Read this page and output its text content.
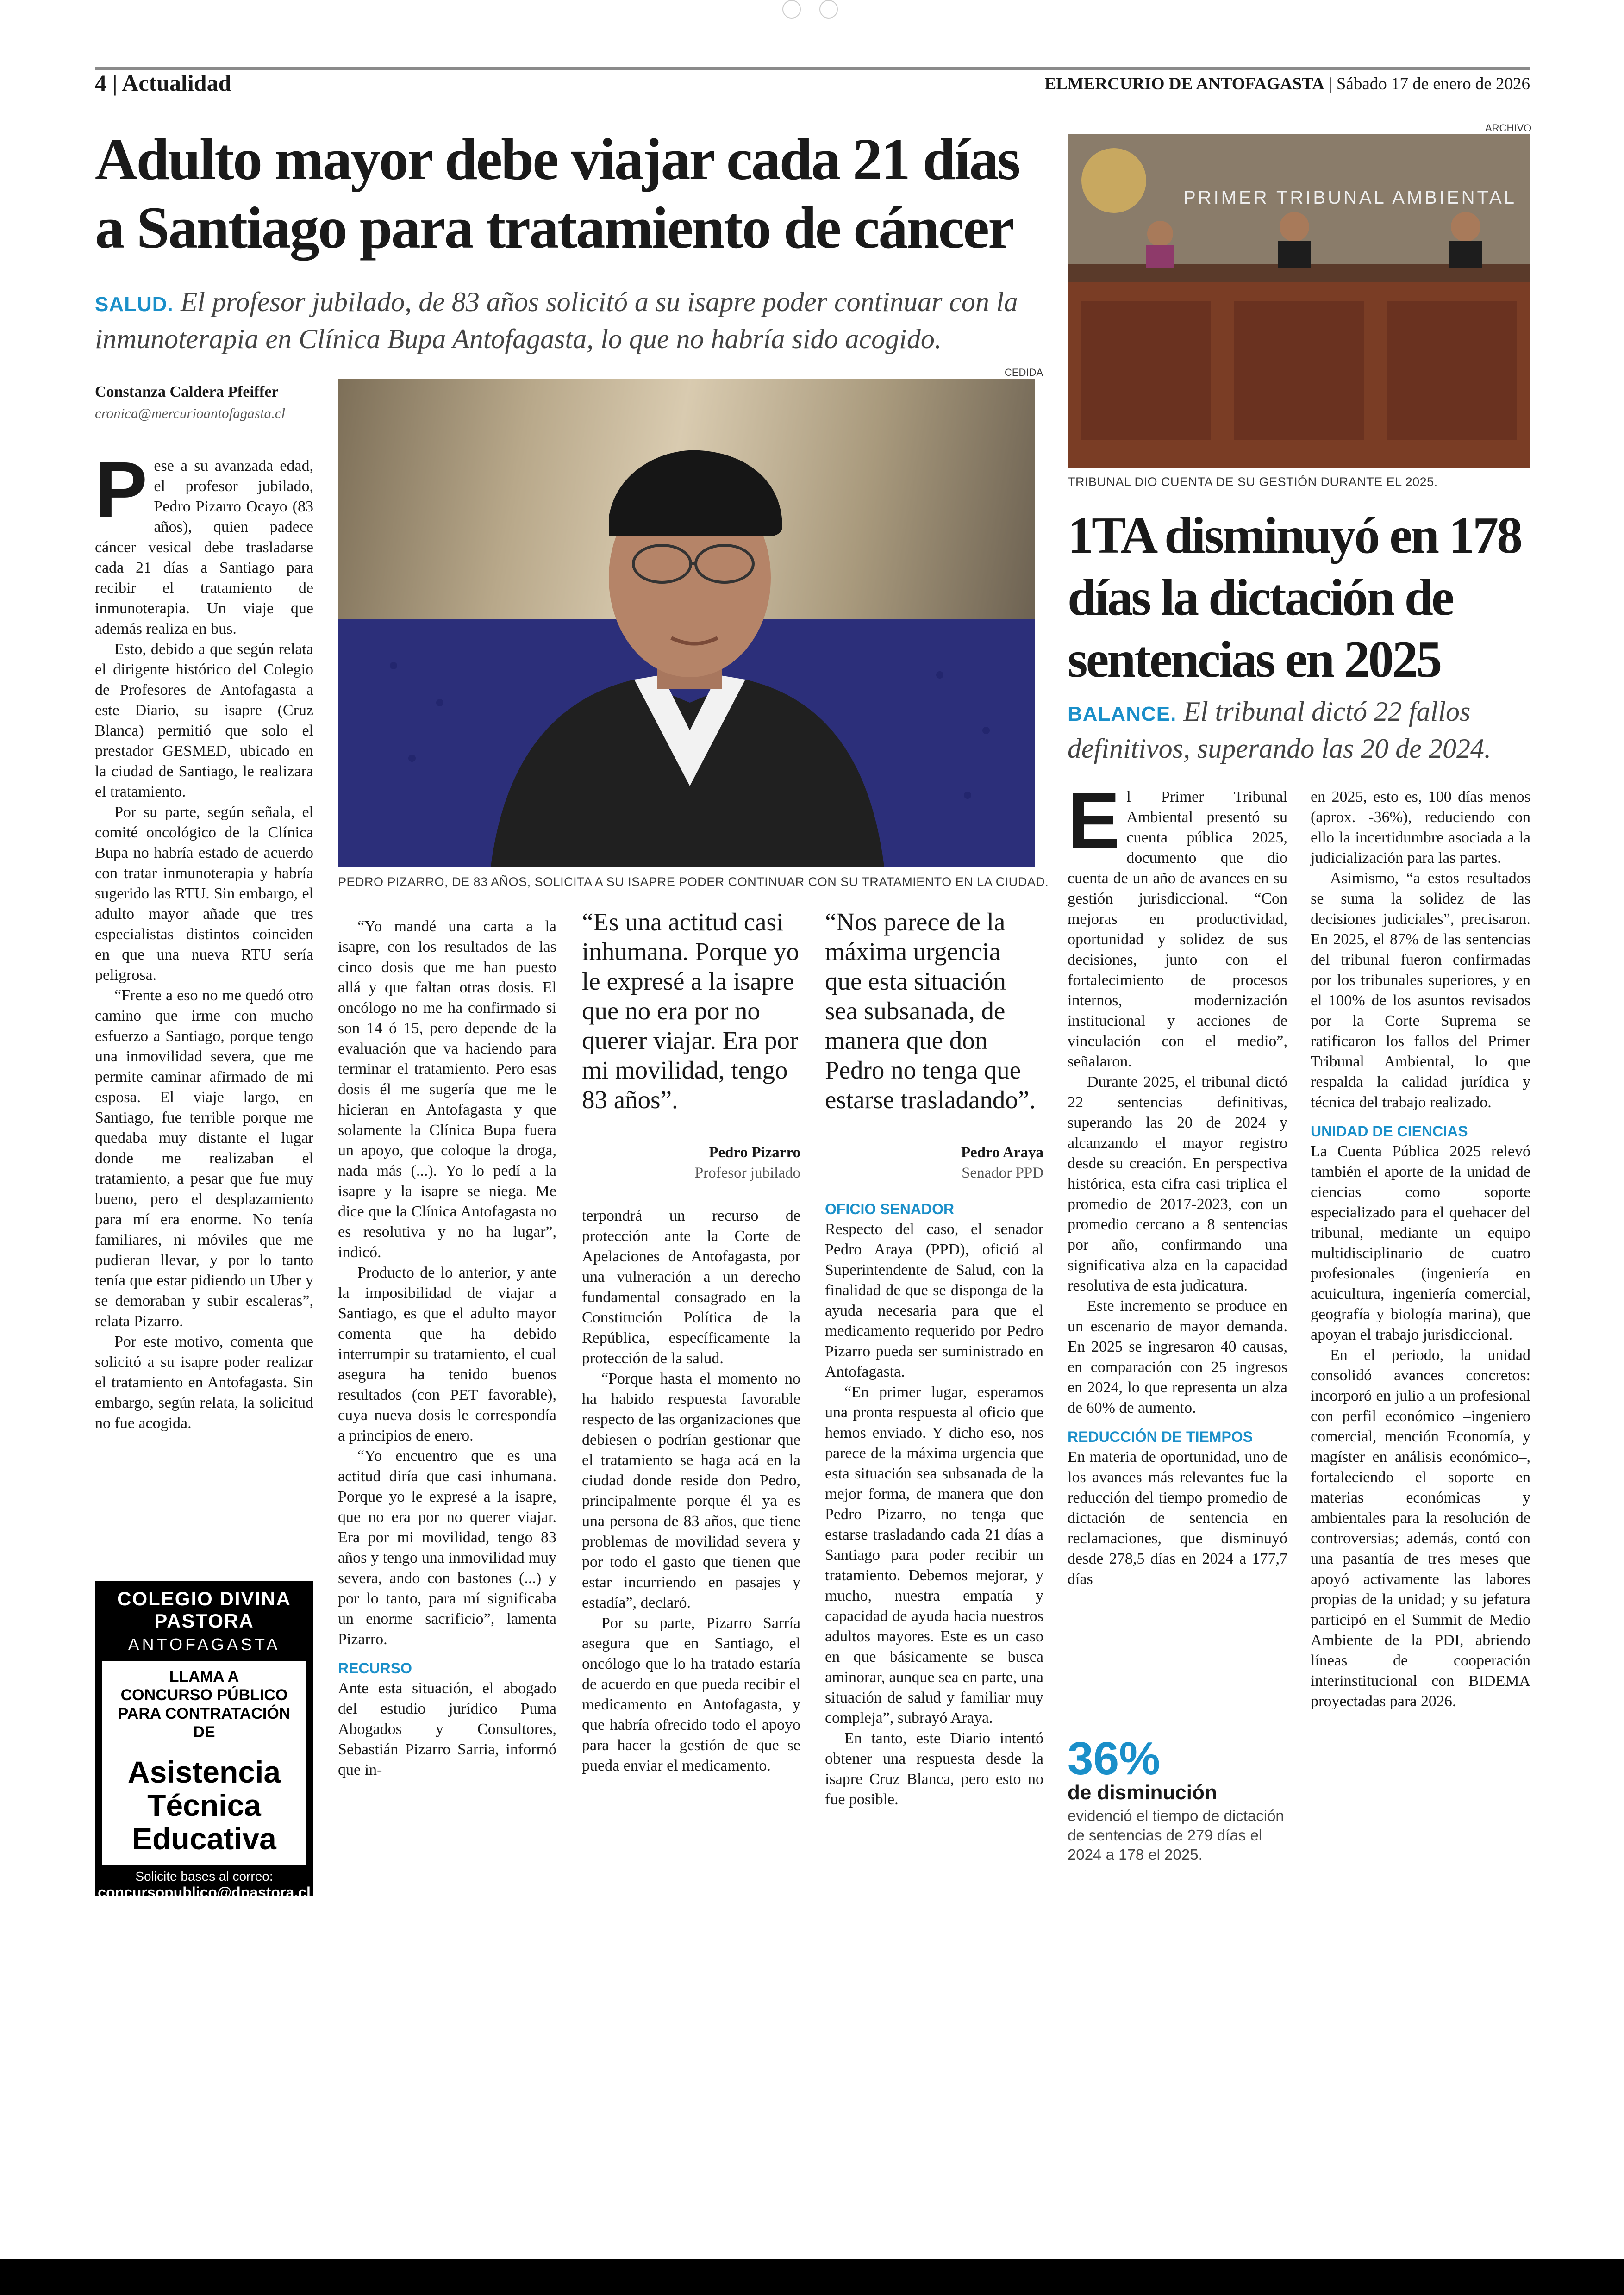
4 | Actualidad	ELMERCURIO DE ANTOFAGASTA | Sábado 17 de enero de 2026
Adulto mayor debe viajar cada 21 días a Santiago para tratamiento de cáncer
SALUD. El profesor jubilado, de 83 años solicitó a su isapre poder continuar con la inmunoterapia en Clínica Bupa Antofagasta, lo que no habría sido acogido.
Constanza Caldera Pfeiffer
cronica@mercurioantofagasta.cl
CEDIDA
PEDRO PIZARRO, DE 83 AÑOS, SOLICITA A SU ISAPRE PODER CONTINUAR CON SU TRATAMIENTO EN LA CIUDAD.

Pese a su avanzada edad, el profesor jubilado, Pedro Pizarro Ocayo (83 años), quien padece cáncer vesical debe trasladarse cada 21 días a Santiago para recibir el tratamiento de inmunoterapia. Un viaje que además realiza en bus.

Esto, debido a que según relata el dirigente histórico del Colegio de Profesores de Antofagasta a este Diario, su isapre (Cruz Blanca) permitió que solo el prestador GESMED, ubicado en la ciudad de Santiago, le realizara el tratamiento.

Por su parte, según señala, el comité oncológico de la Clínica Bupa no habría estado de acuerdo con tratar inmunoterapia y habría sugerido las RTU. Sin embargo, el adulto mayor añade que tres especialistas distintos coinciden en que una nueva RTU sería peligrosa.

“Frente a eso no me quedó otro camino que irme con mucho esfuerzo a Santiago, porque tengo una inmovilidad severa, que me permite caminar afirmado de mi esposa. El viaje largo, en Santiago, fue terrible porque me quedaba muy distante el lugar donde me realizaban el tratamiento, a pesar que fue muy bueno, pero el desplazamiento para mí era enorme. No tenía familiares, ni móviles que me pudieran llevar, y por lo tanto tenía que estar pidiendo un Uber y se demoraban y subir escaleras”, relata Pizarro.

Por este motivo, comenta que solicitó a su isapre poder realizar el tratamiento en Antofagasta. Sin embargo, según relata, la solicitud no fue acogida.

“Yo mandé una carta a la isapre, con los resultados de las cinco dosis que me han puesto allá y que faltan otras dosis. El oncólogo no me ha confirmado si son 14 ó 15, pero depende de la evaluación que va haciendo para terminar el tratamiento. Pero esas dosis él me sugería que me le hicieran en Antofagasta y que solamente la Clínica Bupa fuera un apoyo, que coloque la droga, nada más (...). Yo lo pedí a la isapre y la isapre se niega. Me dice que la Clínica Antofagasta no es resolutiva y no ha lugar”, indicó.

Producto de lo anterior, y ante la imposibilidad de viajar a Santiago, es que el adulto mayor comenta que ha debido interrumpir su tratamiento, el cual asegura ha tenido buenos resultados (con PET favorable), cuya nueva dosis le correspondía a principios de enero.

“Yo encuentro que es una actitud diría que casi inhumana. Porque yo le expresé a la isapre, que no era por no querer viajar. Era por mi movilidad, tengo 83 años y tengo una inmovilidad muy severa, ando con bastones (...) y por lo tanto, para mí significaba un enorme sacrificio”, lamenta Pizarro.

RECURSO

Ante esta situación, el abogado del estudio jurídico Puma Abogados y Consultores, Sebastián Pizarro Sarria, informó que in-

“Es una actitud casi inhumana. Porque yo le expresé a la isapre que no era por no querer viajar. Era por mi movilidad, tengo 83 años”.
Pedro Pizarro
Profesor jubilado
“Nos parece de la máxima urgencia que esta situación sea subsanada, de manera que don Pedro no tenga que estarse trasladando”.
Pedro Araya
Senador PPD

terpondrá un recurso de protección ante la Corte de Apelaciones de Antofagasta, por una vulneración a un derecho fundamental consagrado en la Constitución Política de la República, específicamente la protección de la salud.

“Porque hasta el momento no ha habido respuesta favorable respecto de las organizaciones que debiesen o podrían gestionar que el tratamiento se haga acá en la ciudad donde reside don Pedro, principalmente porque él ya es una persona de 83 años, que tiene problemas de movilidad severa y por todo el gasto que tienen que estar incurriendo en pasajes y estadía”, declaró.

Por su parte, Pizarro Sarría asegura que en Santiago, el oncólogo que lo ha tratado estaría de acuerdo en que pueda recibir el medicamento en Antofagasta, y que habría ofrecido todo el apoyo para hacer la gestión de que se pueda enviar el medicamento.

OFICIO SENADOR

Respecto del caso, el senador Pedro Araya (PPD), ofició al Superintendente de Salud, con la finalidad de que se disponga de la ayuda necesaria para que el medicamento requerido por Pedro Pizarro pueda ser suministrado en Antofagasta.

“En primer lugar, esperamos una pronta respuesta al oficio que hemos enviado. Y dicho eso, nos parece de la máxima urgencia que esta situación sea subsanada de la mejor forma, de manera que don Pedro Pizarro, no tenga que estarse trasladando cada 21 días a Santiago para poder recibir un tratamiento. Debemos mejorar, y mucho, nuestra empatía y capacidad de ayuda hacia nuestros adultos mayores. Este es un caso en que básicamente se busca aminorar, aunque sea en parte, una situación de salud y familiar muy compleja”, subrayó Araya.

En tanto, este Diario intentó obtener una respuesta desde la isapre Cruz Blanca, pero esto no fue posible.

COLEGIO DIVINA
PASTORA
ANTOFAGASTA
LLAMA A
CONCURSO PÚBLICO
PARA CONTRATACIÓN DE
Asistencia
Técnica
Educativa
Solicite bases al correo:
concursopublico@dpastora.cl
ARCHIVO
PRIMER TRIBUNAL AMBIENTAL
TRIBUNAL DIO CUENTA DE SU GESTIÓN DURANTE EL 2025.
1TA disminuyó en 178 días la dictación de sentencias en 2025
BALANCE. El tribunal dictó 22 fallos definitivos, superando las 20 de 2024.

El Primer Tribunal Ambiental presentó su cuenta pública 2025, documento que dio cuenta de un año de avances en su gestión jurisdiccional. “Con mejoras en productividad, oportunidad y solidez de sus decisiones, junto con el fortalecimiento de procesos internos, modernización institucional y acciones de vinculación con el medio”, señalaron.

Durante 2025, el tribunal dictó 22 sentencias definitivas, superando las 20 de 2024 y alcanzando el mayor registro desde su creación. En perspectiva histórica, esta cifra casi triplica el promedio de 2017-2023, con un promedio cercano a 8 sentencias por año, confirmando una significativa alza en la capacidad resolutiva de esta judicatura.

Este incremento se produce en un escenario de mayor demanda. En 2025 se ingresaron 40 causas, en comparación con 25 ingresos en 2024, lo que representa un alza de 60% de aumento.

REDUCCIÓN DE TIEMPOS

En materia de oportunidad, uno de los avances más relevantes fue la reducción del tiempo promedio de dictación de sentencia en reclamaciones, que disminuyó desde 278,5 días en 2024 a 177,7 días

36%
de disminución
evidenció el tiempo de dictación de sentencias de 279 días el 2024 a 178 el 2025.

en 2025, esto es, 100 días menos (aprox. -36%), reduciendo con ello la incertidumbre asociada a la judicialización para las partes.

Asimismo, “a estos resultados se suma la solidez de las decisiones judiciales”, precisaron. En 2025, el 87% de las sentencias del tribunal fueron confirmadas por los tribunales superiores, y en el 100% de los asuntos revisados por la Corte Suprema se ratificaron los fallos del Primer Tribunal Ambiental, lo que respalda la calidad jurídica y técnica del trabajo realizado.

UNIDAD DE CIENCIAS

La Cuenta Pública 2025 relevó también el aporte de la unidad de ciencias como soporte especializado para el quehacer del tribunal, mediante un equipo multidisciplinario de cuatro profesionales (ingeniería en acuicultura, ingeniería comercial, geografía y biología marina), que apoyan el trabajo jurisdiccional.

En el periodo, la unidad consolidó avances concretos: incorporó en julio a un profesional con perfil económico –ingeniero comercial, mención Economía, y magíster en análisis económico–, fortaleciendo el soporte en materias económicas y ambientales para la resolución de controversias; además, contó con una pasantía de tres meses que apoyó activamente las labores propias de la unidad; y su jefatura participó en el Summit de Medio Ambiente de la PDI, abriendo líneas de cooperación interinstitucional con BIDEMA proyectadas para 2026.
